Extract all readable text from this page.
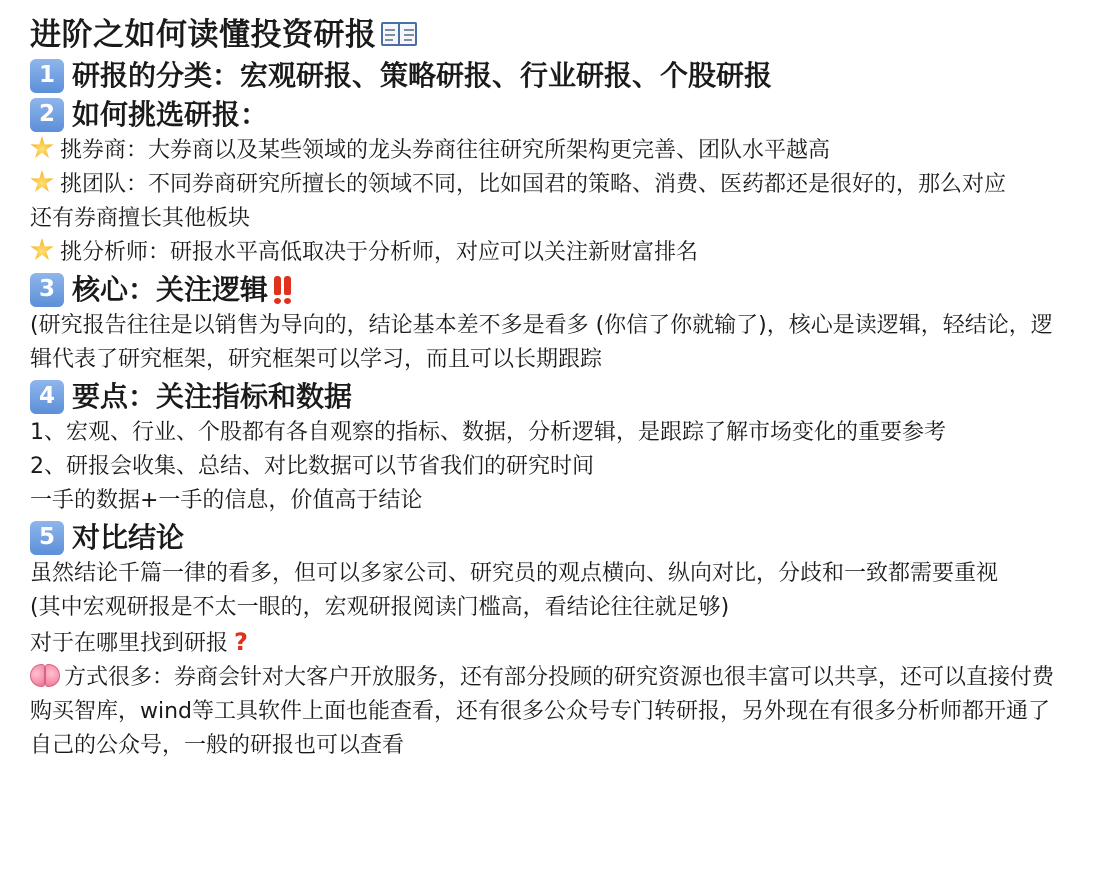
进阶之如何读懂投资研报
1 研报的分类：宏观研报、策略研报、行业研报、个股研报
2 如何挑选研报：
挑券商：大券商以及某些领域的龙头券商往往研究所架构更完善、团队水平越高
挑团队：不同券商研究所擅长的领域不同，比如国君的策略、消费、医药都还是很好的，那么对应还有券商擅长其他板块
挑分析师：研报水平高低取决于分析师，对应可以关注新财富排名
3 核心：关注逻辑
(研究报告往往是以销售为导向的，结论基本差不多是看多 (你信了你就输了)，核心是读逻辑，轻结论，逻辑代表了研究框架，研究框架可以学习，而且可以长期跟踪
4 要点：关注指标和数据
1、宏观、行业、个股都有各自观察的指标、数据，分析逻辑，是跟踪了解市场变化的重要参考
2、研报会收集、总结、对比数据可以节省我们的研究时间
一手的数据+一手的信息，价值高于结论
5 对比结论
虽然结论千篇一律的看多，但可以多家公司、研究员的观点横向、纵向对比，分歧和一致都需要重视
(其中宏观研报是不太一眼的，宏观研报阅读门槛高，看结论往往就足够)
对于在哪里找到研报 ?
方式很多：券商会针对大客户开放服务，还有部分投顾的研究资源也很丰富可以共享，还可以直接付费购买智库，wind等工具软件上面也能查看，还有很多公众号专门转研报，另外现在有很多分析师都开通了自己的公众号，一般的研报也可以查看
